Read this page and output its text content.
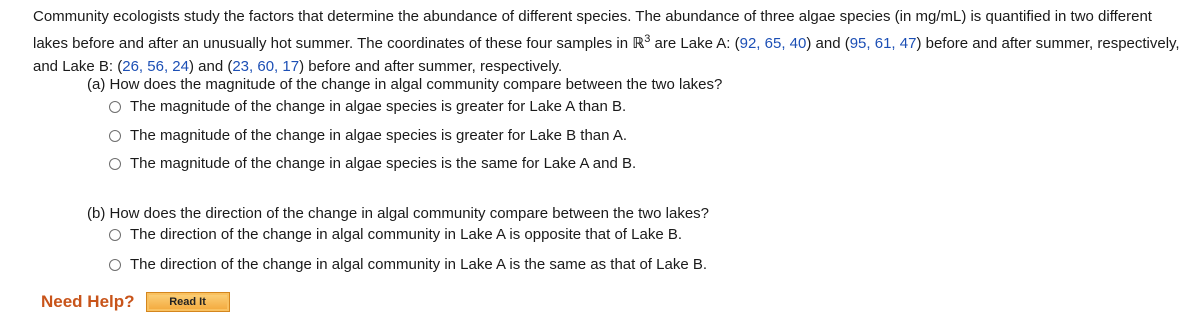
Community ecologists study the factors that determine the abundance of different species. The abundance of three algae species (in mg/mL) is quantified in two different lakes before and after an unusually hot summer. The coordinates of these four samples in ℝ$^3$ are Lake A: (92, 65, 40) and (95, 61, 47) before and after summer, respectively, and Lake B: (26, 56, 24) and (23, 60, 17) before and after summer, respectively.

(a) How does the magnitude of the change in algal community compare between the two lakes?
The magnitude of the change in algae species is greater for Lake A than B.
The magnitude of the change in algae species is greater for Lake B than A.
The magnitude of the change in algae species is the same for Lake A and B.
(b) How does the direction of the change in algal community compare between the two lakes?
The direction of the change in algal community in Lake A is opposite that of Lake B.
The direction of the change in algal community in Lake A is the same as that of Lake B.
Need Help?	Read It
